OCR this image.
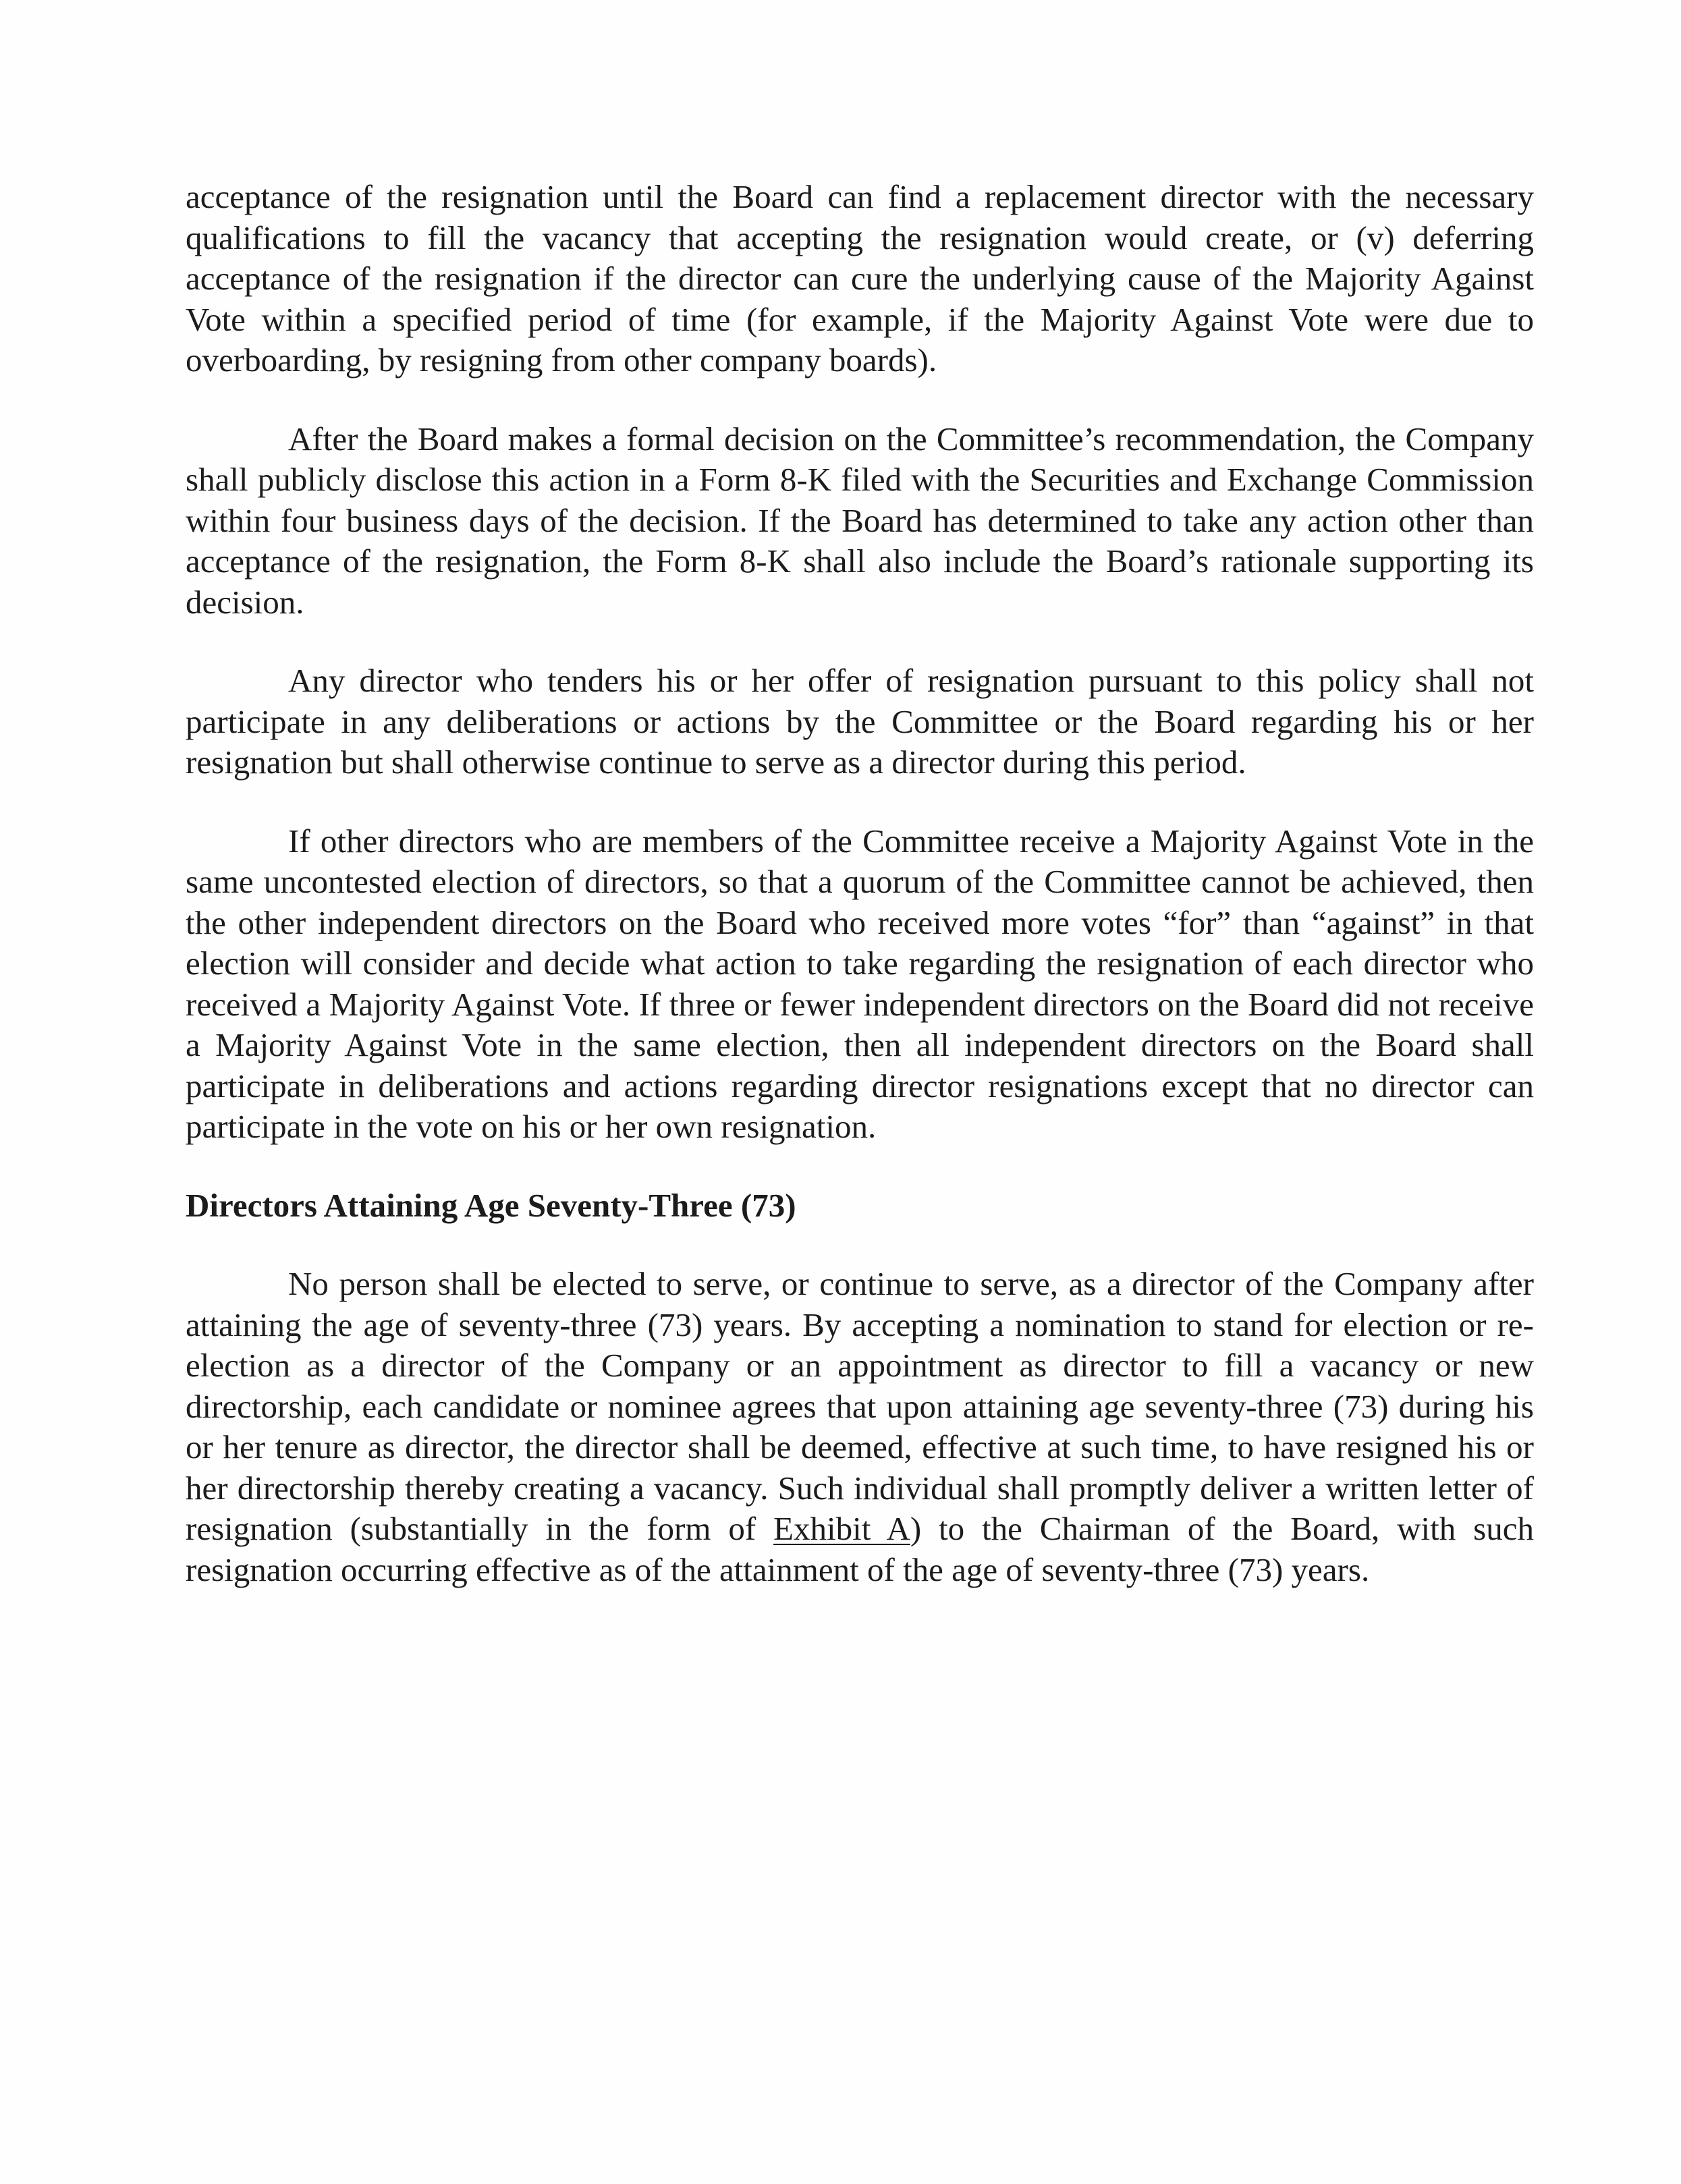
acceptance of the resignation until the Board can find a replacement director with the necessary qualifications to fill the vacancy that accepting the resignation would create, or (v) deferring acceptance of the resignation if the director can cure the underlying cause of the Majority Against Vote within a specified period of time (for example, if the Majority Against Vote were due to overboarding, by resigning from other company boards).

After the Board makes a formal decision on the Committee’s recommendation, the Company shall publicly disclose this action in a Form 8-K filed with the Securities and Exchange Commission within four business days of the decision. If the Board has determined to take any action other than acceptance of the resignation, the Form 8-K shall also include the Board’s rationale supporting its decision.

Any director who tenders his or her offer of resignation pursuant to this policy shall not participate in any deliberations or actions by the Committee or the Board regarding his or her resignation but shall otherwise continue to serve as a director during this period.

If other directors who are members of the Committee receive a Majority Against Vote in the same uncontested election of directors, so that a quorum of the Committee cannot be achieved, then the other independent directors on the Board who received more votes “for” than “against” in that election will consider and decide what action to take regarding the resignation of each director who received a Majority Against Vote. If three or fewer independent directors on the Board did not receive a Majority Against Vote in the same election, then all independent directors on the Board shall participate in deliberations and actions regarding director resignations except that no director can participate in the vote on his or her own resignation.

Directors Attaining Age Seventy-Three (73)

No person shall be elected to serve, or continue to serve, as a director of the Company after attaining the age of seventy-three (73) years. By accepting a nomination to stand for election or re-election as a director of the Company or an appointment as director to fill a vacancy or new directorship, each candidate or nominee agrees that upon attaining age seventy-three (73) during his or her tenure as director, the director shall be deemed, effective at such time, to have resigned his or her directorship thereby creating a vacancy. Such individual shall promptly deliver a written letter of resignation (substantially in the form of Exhibit A) to the Chairman of the Board, with such resignation occurring effective as of the attainment of the age of seventy-three (73) years.
